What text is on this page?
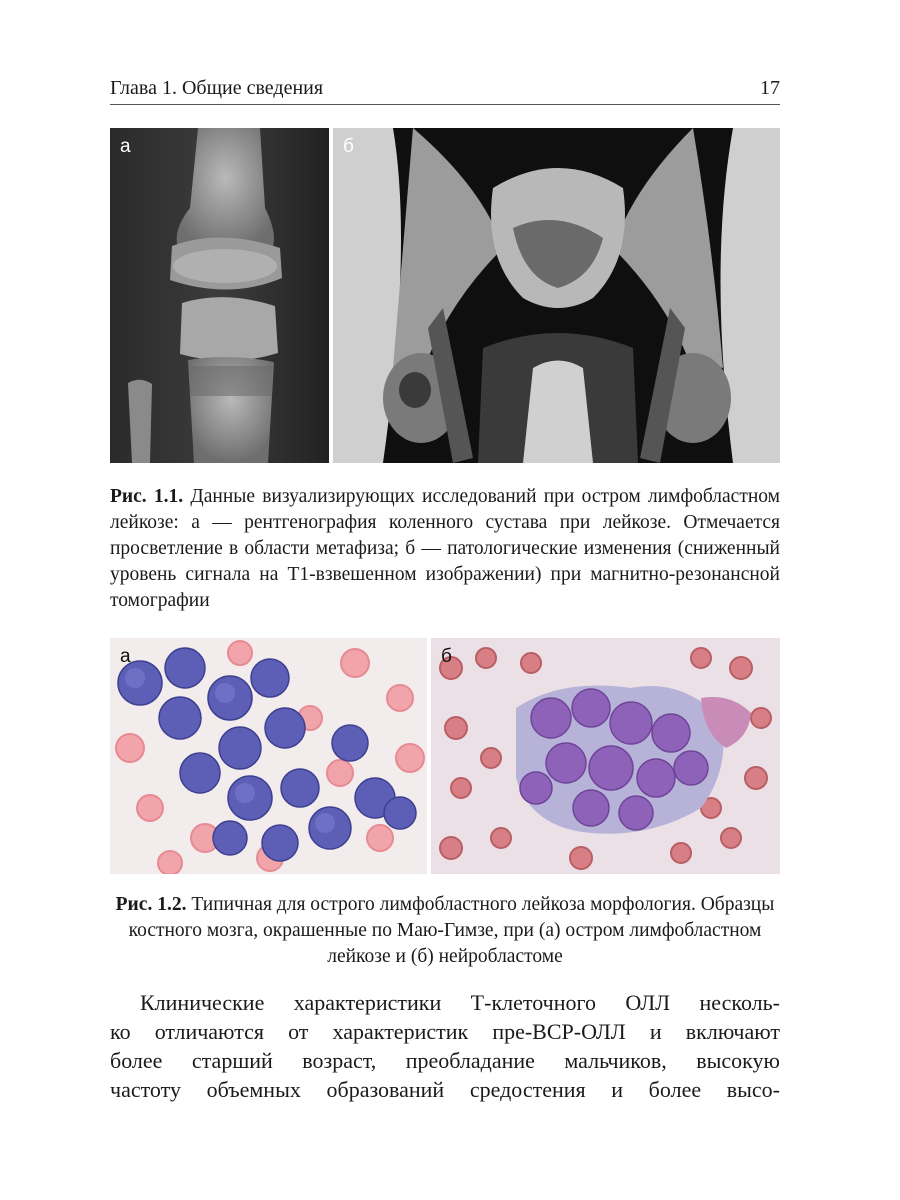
Глава 1. Общие сведения	17
а	б

Рис. 1.1. Данные визуализирующих исследований при остром лимфобластном лейкозе: а — рентгенография коленного сустава при лейкозе. Отмечается просветление в области метафиза; б — патологические изменения (сниженный уровень сигнала на Т1-взвешенном изображении) при магнитно-резонансной томографии

а	б

Рис. 1.2. Типичная для острого лимфобластного лейкоза морфология. Образцы костного мозга, окрашенные по Маю-Гимзе, при (а) остром лимфобластном лейкозе и (б) нейробластоме

Клинические характеристики Т-клеточного ОЛЛ несколь-
ко отличаются от характеристик пре-ВСР-ОЛЛ и включают
более старший возраст, преобладание мальчиков, высокую
частоту объемных образований средостения и более высо-
